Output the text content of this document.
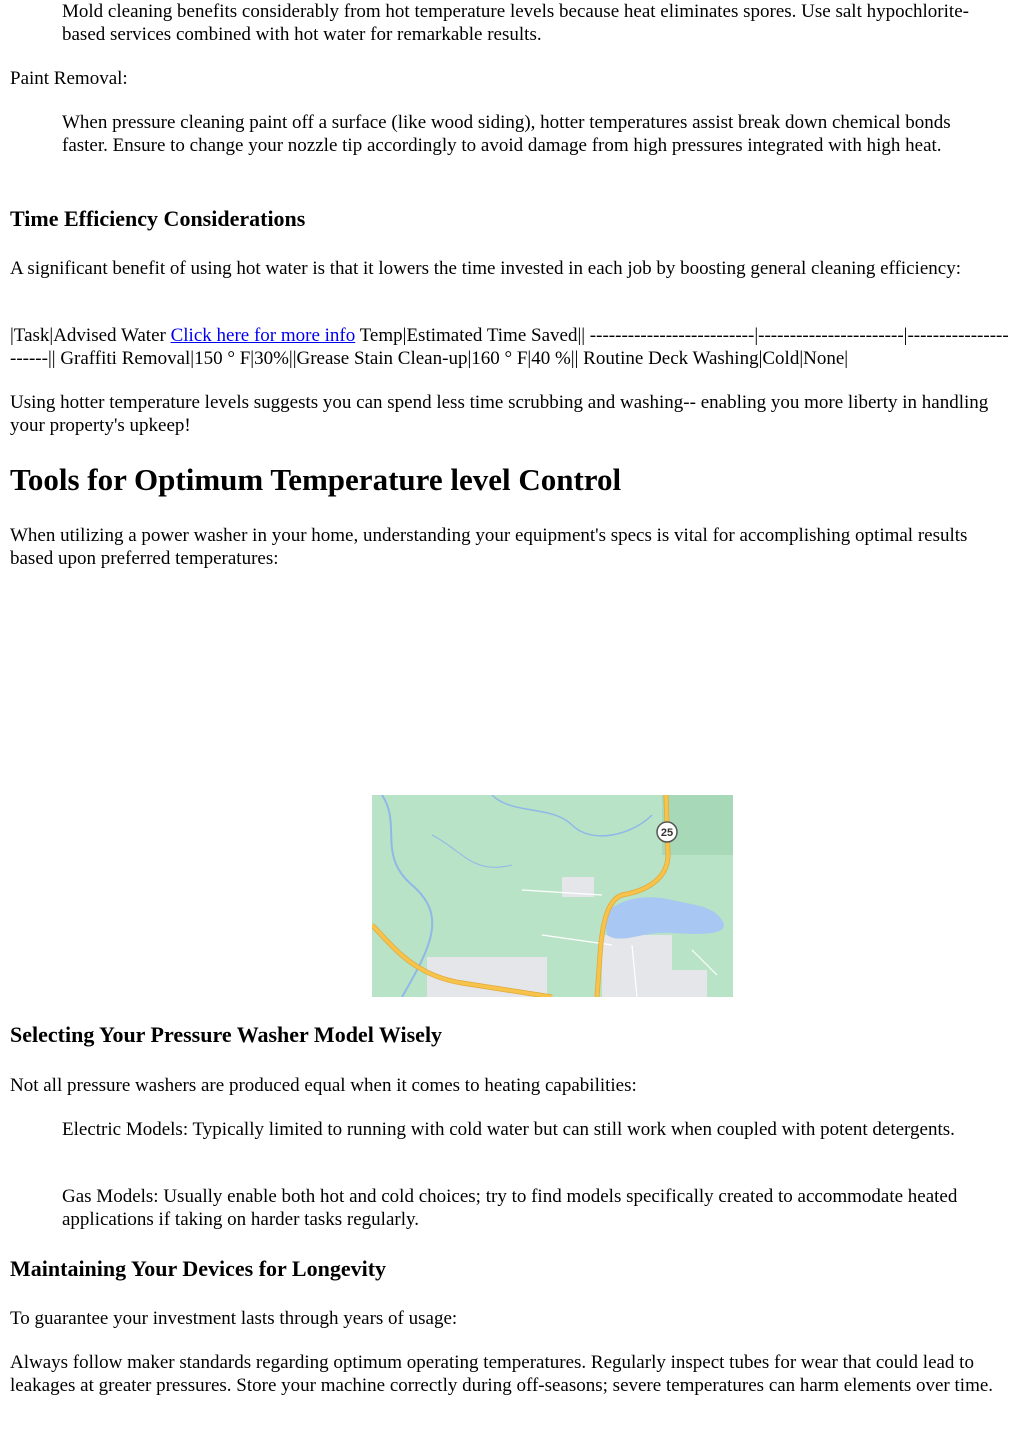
Mold cleaning benefits considerably from hot temperature levels because heat eliminates spores. Use salt hypochlorite-based services combined with hot water for remarkable results.

Paint Removal:

When pressure cleaning paint off a surface (like wood siding), hotter temperatures assist break down chemical bonds faster. Ensure to change your nozzle tip accordingly to avoid damage from high pressures integrated with high heat.

Time Efficiency Considerations

A significant benefit of using hot water is that it lowers the time invested in each job by boosting general cleaning efficiency:

|Task|Advised Water Click here for more info Temp|Estimated Time Saved|| --------------------------|-----------------------|----------------------|| Graffiti Removal|150 ° F|30%||Grease Stain Clean-up|160 ° F|40 %|| Routine Deck Washing|Cold|None|

Using hotter temperature levels suggests you can spend less time scrubbing and washing-- enabling you more liberty in handling your property's upkeep!

Tools for Optimum Temperature level Control

When utilizing a power washer in your home, understanding your equipment's specs is vital for accomplishing optimal results based upon preferred temperatures:

25
Selecting Your Pressure Washer Model Wisely

Not all pressure washers are produced equal when it comes to heating capabilities:

Electric Models: Typically limited to running with cold water but can still work when coupled with potent detergents.

Gas Models: Usually enable both hot and cold choices; try to find models specifically created to accommodate heated applications if taking on harder tasks regularly.

Maintaining Your Devices for Longevity

To guarantee your investment lasts through years of usage:

Always follow maker standards regarding optimum operating temperatures. Regularly inspect tubes for wear that could lead to leakages at greater pressures. Store your machine correctly during off-seasons; severe temperatures can harm elements over time.
